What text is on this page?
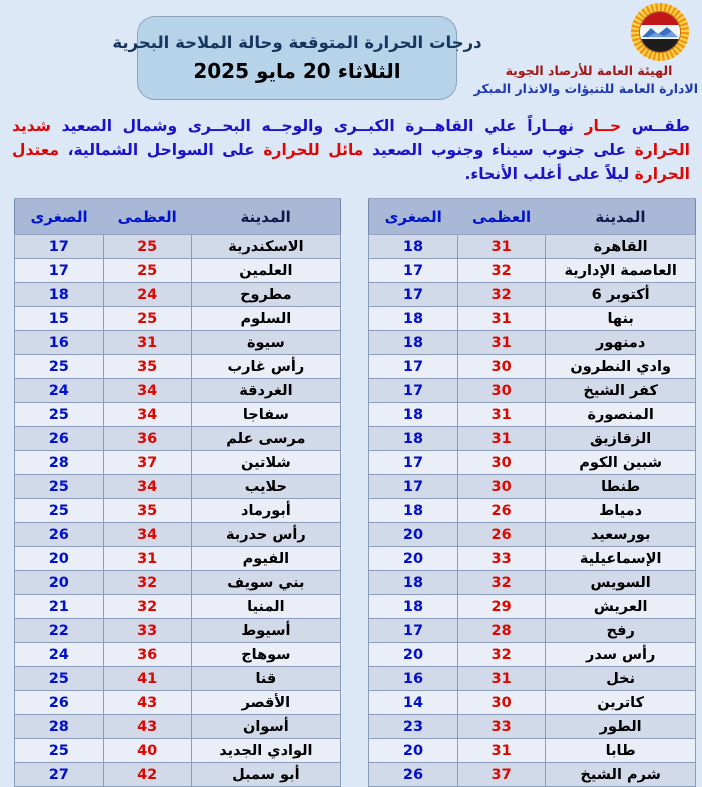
الهيئة العامة للأرصاد الجوية
الادارة العامة للتنبؤات والانذار المبكر
درجات الحرارة المتوقعة وحالة الملاحة البحرية
الثلاثاء 20 مايو 2025

طقــس حــار نهــاراً علي القاهــرة الكبــرى والوجــه البحــرى وشمال الصعيد شديد الحرارة على جنوب سيناء وجنوب الصعيد مائل للحرارة على السواحل الشمالية، معتدل الحرارة ليلاً على أغلب الأنحاء.

المدينة	العظمى	الصغرى
القاهرة	31	18
العاصمة الإدارية	32	17
6 أكتوبر	32	17
بنها	31	18
دمنهور	31	18
وادي النطرون	30	17
كفر الشيخ	30	17
المنصورة	31	18
الزقازيق	31	18
شبين الكوم	30	17
طنطا	30	17
دمياط	26	18
بورسعيد	26	20
الإسماعيلية	33	20
السويس	32	18
العريش	29	18
رفح	28	17
رأس سدر	32	20
نخل	31	16
كاترين	30	14
الطور	33	23
طابا	31	20
شرم الشيخ	37	26
المدينة	العظمى	الصغرى
الاسكندرية	25	17
العلمين	25	17
مطروح	24	18
السلوم	25	15
سيوة	31	16
رأس غارب	35	25
الغردقة	34	24
سفاجا	34	25
مرسى علم	36	26
شلاتين	37	28
حلايب	34	25
أبورماد	35	25
رأس حدربة	34	26
الفيوم	31	20
بني سويف	32	20
المنيا	32	21
أسيوط	33	22
سوهاج	36	24
قنا	41	25
الأقصر	43	26
أسوان	43	28
الوادي الجديد	40	25
أبو سمبل	42	27
